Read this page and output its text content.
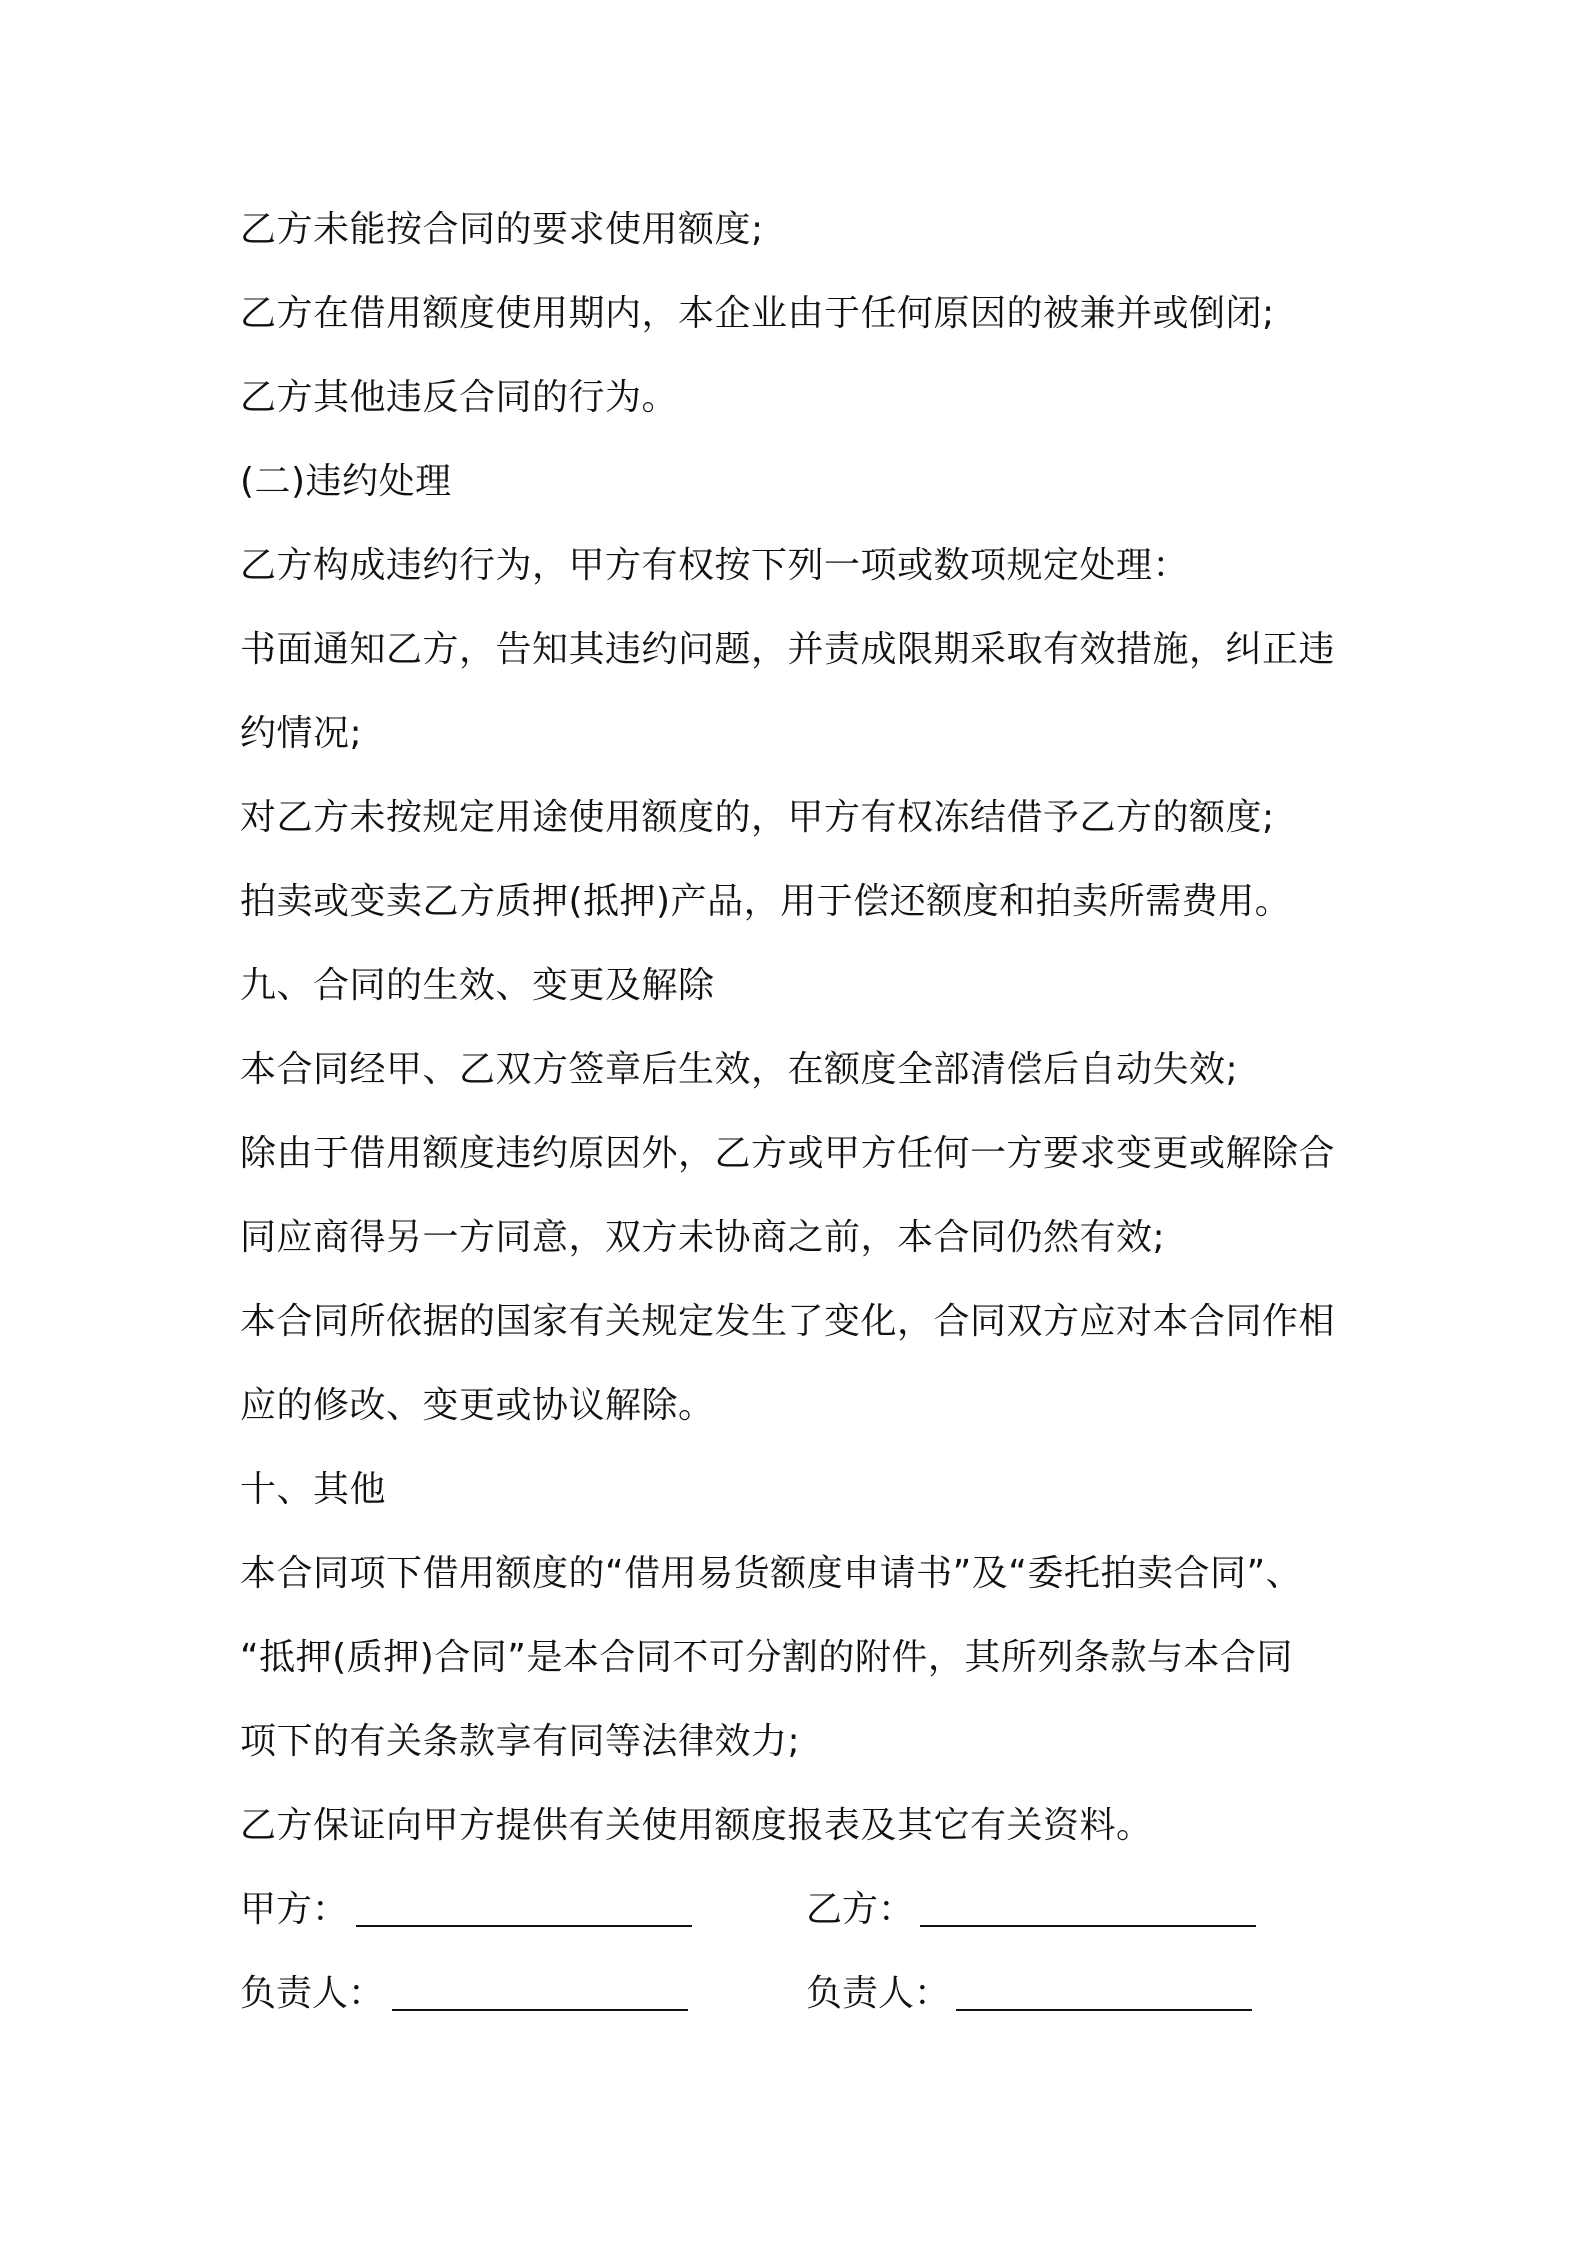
乙方未能按合同的要求使用额度;
乙方在借用额度使用期内，本企业由于任何原因的被兼并或倒闭;
乙方其他违反合同的行为。
(二)违约处理
乙方构成违约行为，甲方有权按下列一项或数项规定处理：
书面通知乙方，告知其违约问题，并责成限期采取有效措施，纠正违
约情况;
对乙方未按规定用途使用额度的，甲方有权冻结借予乙方的额度;
拍卖或变卖乙方质押(抵押)产品，用于偿还额度和拍卖所需费用。
九、合同的生效、变更及解除
本合同经甲、乙双方签章后生效，在额度全部清偿后自动失效;
除由于借用额度违约原因外，乙方或甲方任何一方要求变更或解除合
同应商得另一方同意，双方未协商之前，本合同仍然有效;
本合同所依据的国家有关规定发生了变化，合同双方应对本合同作相
应的修改、变更或协议解除。
十、其他
本合同项下借用额度的“借用易货额度申请书”及“委托拍卖合同”、
“抵押(质押)合同”是本合同不可分割的附件，其所列条款与本合同
项下的有关条款享有同等法律效力;
乙方保证向甲方提供有关使用额度报表及其它有关资料。
甲方：	乙方：
负责人：	负责人：
